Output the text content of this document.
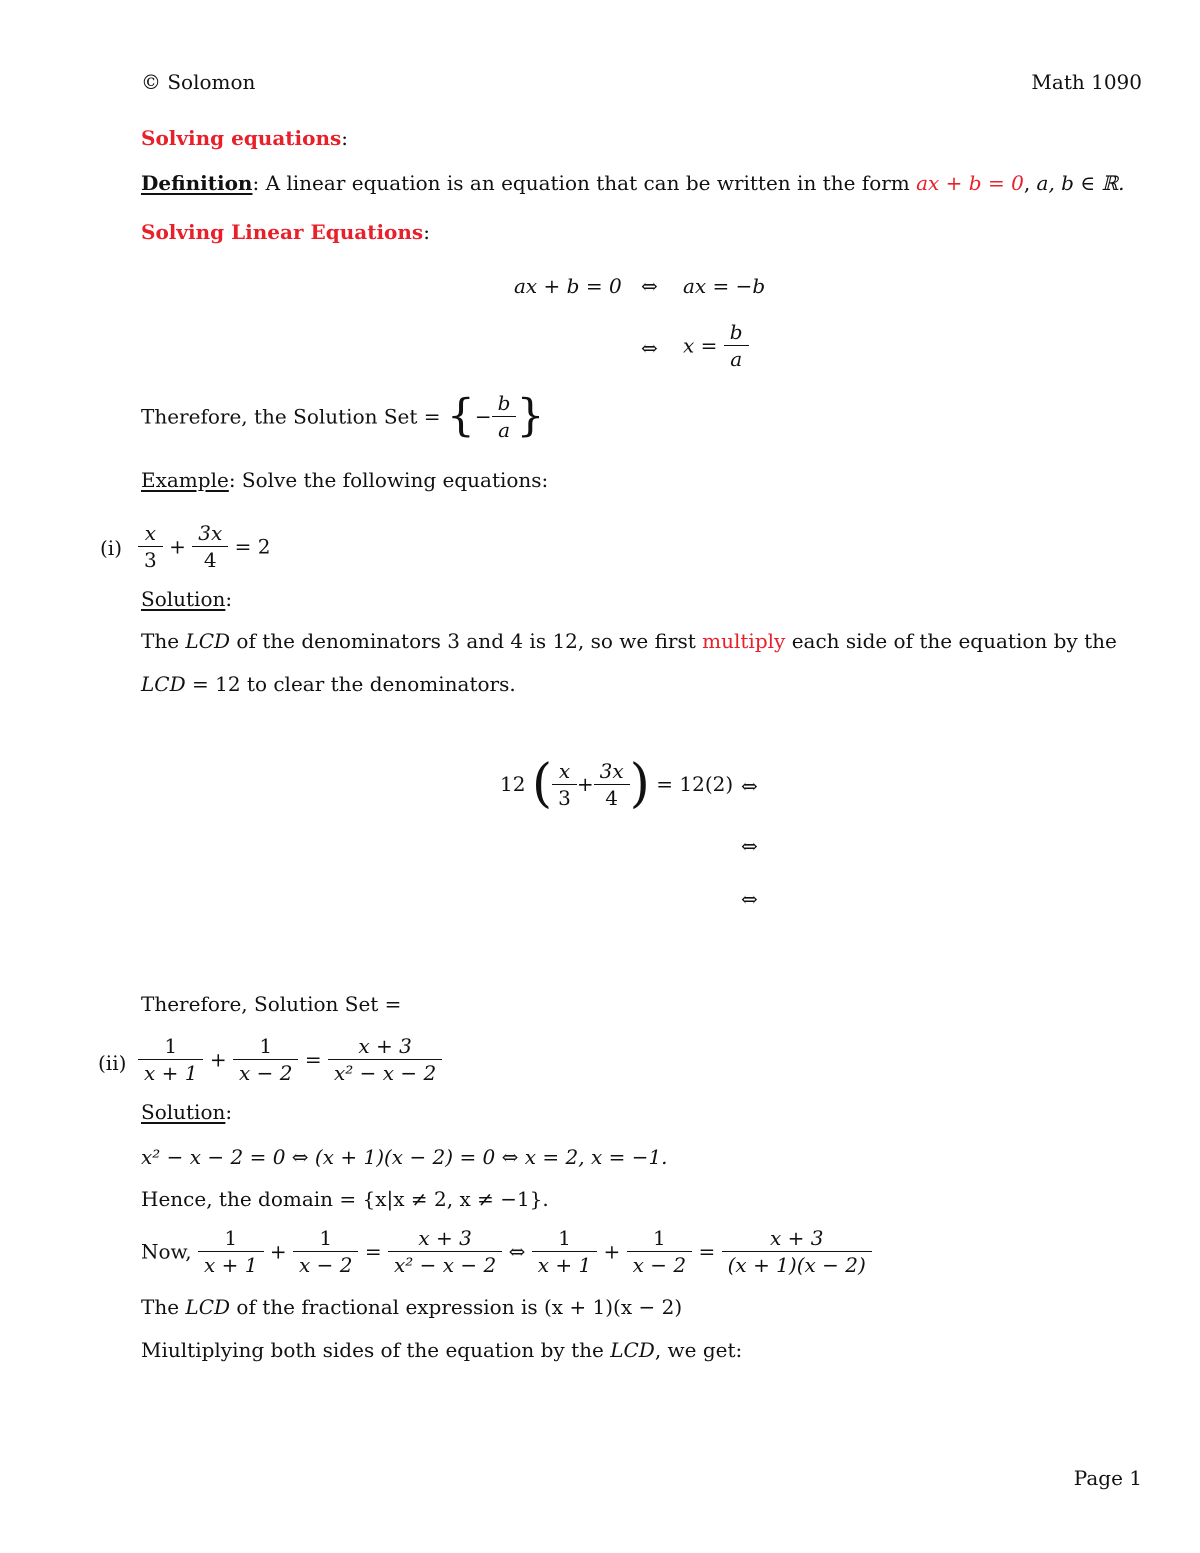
© Solomon	Math 1090
Solving equations:
Definition: A linear equation is an equation that can be written in the form ax + b = 0, a, b ∈ ℝ.
Solving Linear Equations:
ax + b = 0 ⇔ ax = −b
⇔ $x = \frac{b}{a}$
Therefore, the Solution Set = {− $\frac{b}{a}$ }
Example: Solve the following equations:
$(i) \frac{x}{3} + \frac{3x}{4} = 2$
Solution:
The LCD of the denominators 3 and 4 is 12, so we first multiply each side of the equation by the
LCD = 12 to clear the denominators.
12 ( $\frac{x}{3} + \frac{3x}{4}$ ) = 12(2) ⇔
⇔
⇔
Therefore, Solution Set =
$(ii) \frac{1}{x + 1} + \frac{1}{x - 2} = \frac{x + 3}{\text{x² − x − 2}}$
Solution:
x² − x − 2 = 0 ⇔ (x + 1)(x − 2) = 0 ⇔ x = 2, x = −1.
Hence, the domain = {x|x ≠ 2, x ≠ −1}.
Now, $\frac{1}{x + 1} + \frac{1}{x - 2} = \frac{x + 3}{\text{x² − x − 2}}$ ⇔ $\frac{1}{x + 1} + \frac{1}{x - 2} = \frac{x + 3}{(x + 1)(x - 2)}$
The LCD of the fractional expression is (x + 1)(x − 2)
Miultiplying both sides of the equation by the LCD, we get:
Page 1
